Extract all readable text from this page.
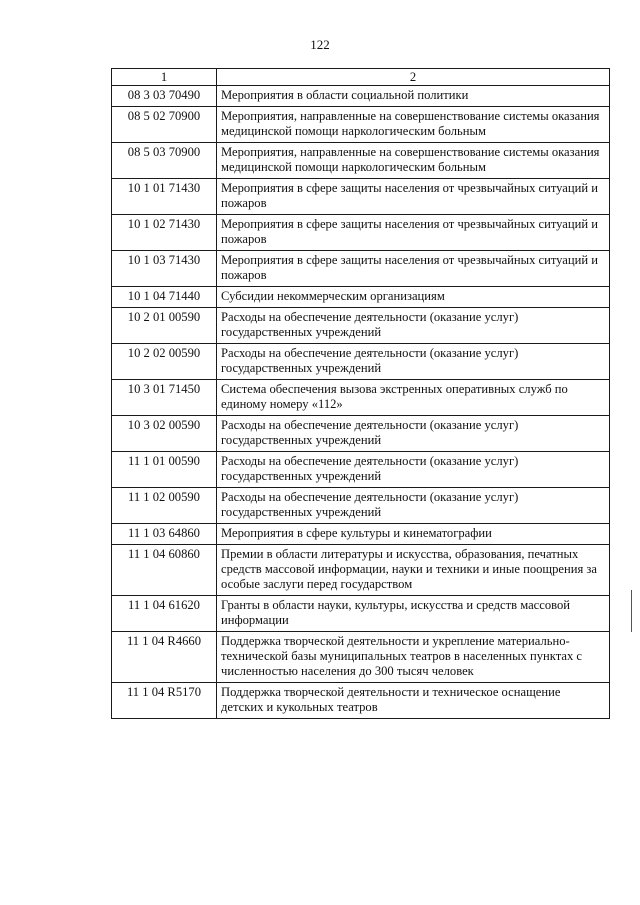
122
1	2
08 3 03 70490	Мероприятия в области социальной политики
08 5 02 70900	Мероприятия, направленные на совершенствование системы оказания медицинской помощи наркологическим больным
08 5 03 70900	Мероприятия, направленные на совершенствование системы оказания медицинской помощи наркологическим больным
10 1 01 71430	Мероприятия в сфере защиты населения от чрезвычайных ситуаций и пожаров
10 1 02 71430	Мероприятия в сфере защиты населения от чрезвычайных ситуаций и пожаров
10 1 03 71430	Мероприятия в сфере защиты населения от чрезвычайных ситуаций и пожаров
10 1 04 71440	Субсидии некоммерческим организациям
10 2 01 00590	Расходы на обеспечение деятельности (оказание услуг) государственных учреждений
10 2 02 00590	Расходы на обеспечение деятельности (оказание услуг) государственных учреждений
10 3 01 71450	Система обеспечения вызова экстренных оперативных служб по единому номеру «112»
10 3 02 00590	Расходы на обеспечение деятельности (оказание услуг) государственных учреждений
11 1 01 00590	Расходы на обеспечение деятельности (оказание услуг) государственных учреждений
11 1 02 00590	Расходы на обеспечение деятельности (оказание услуг) государственных учреждений
11 1 03 64860	Мероприятия в сфере культуры и кинематографии
11 1 04 60860	Премии в области литературы и искусства, образования, печатных средств массовой информации, науки и техники и иные поощрения за особые заслуги перед государством
11 1 04 61620	Гранты в области науки, культуры, искусства и средств массовой информации
11 1 04 R4660	Поддержка творческой деятельности и укрепление материально-технической базы муниципальных театров в населенных пунктах с численностью населения до 300 тысяч человек
11 1 04 R5170	Поддержка творческой деятельности и техническое оснащение детских и кукольных театров
